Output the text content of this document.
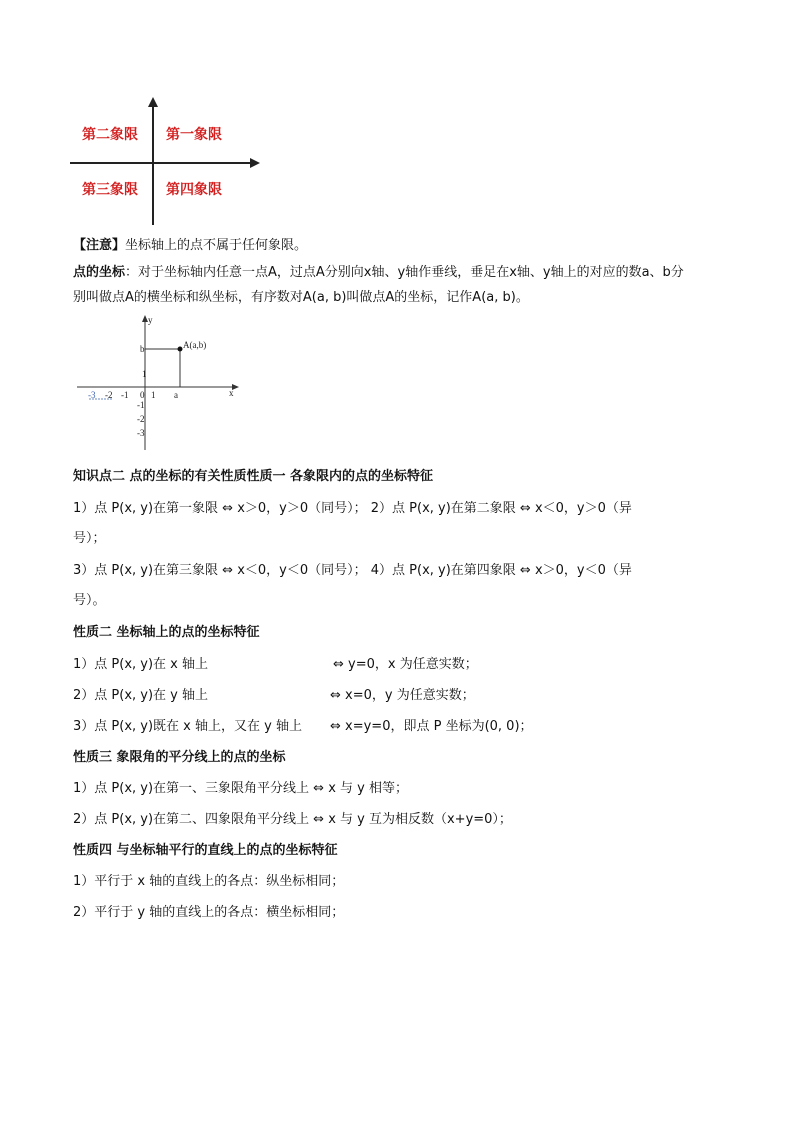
第二象限 第一象限
第三象限 第四象限
【注意】坐标轴上的点不属于任何象限。
点的坐标：对于坐标轴内任意一点A，过点A分别向x轴、y轴作垂线，垂足在x轴、y轴上的对应的数a、b分
别叫做点A的横坐标和纵坐标，有序数对A(a, b)叫做点A的坐标，记作A(a, b)。
y
x
A(a,b)
b
1
0 1 a
-3 -2 -1
-1
-2
-3
知识点二 点的坐标的有关性质性质一 各象限内的点的坐标特征
1）点 P(x, y)在第一象限 ⇔ x＞0，y＞0（同号）； 2）点 P(x, y)在第二象限 ⇔ x＜0，y＞0（异
号）；
3）点 P(x, y)在第三象限 ⇔ x＜0，y＜0（同号）； 4）点 P(x, y)在第四象限 ⇔ x＞0，y＜0（异
号）。
性质二 坐标轴上的点的坐标特征
1）点 P(x, y)在 x 轴上	⇔ y=0，x 为任意实数；
2）点 P(x, y)在 y 轴上	⇔ x=0，y 为任意实数；
3）点 P(x, y)既在 x 轴上，又在 y 轴上 ⇔ x=y=0，即点 P 坐标为(0, 0)；
性质三 象限角的平分线上的点的坐标
1）点 P(x, y)在第一、三象限角平分线上 ⇔ x 与 y 相等；
2）点 P(x, y)在第二、四象限角平分线上 ⇔ x 与 y 互为相反数（x+y=0）；
性质四 与坐标轴平行的直线上的点的坐标特征
1）平行于 x 轴的直线上的各点：纵坐标相同；
2）平行于 y 轴的直线上的各点：横坐标相同；
